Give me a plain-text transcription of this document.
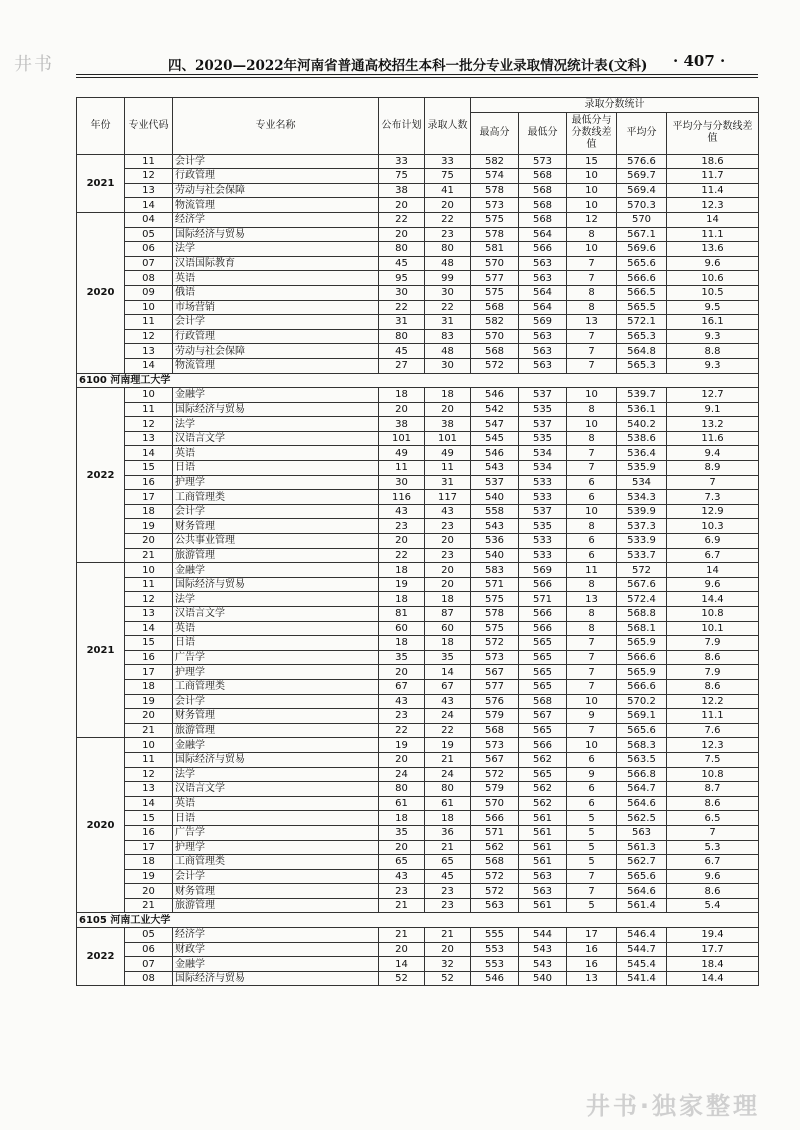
井书	四、2020—2022年河南省普通高校招生本科一批分专业录取情况统计表(文科) · 407 ·
年份	专业代码	专业名称	公布计划	录取人数	录取分数统计				
					最高分	最低分	最低分与分数线差值	平均分	平均分与分数线差值
2021	11	会计学	33	33	582	573	15	576.6	18.6
	12	行政管理	75	75	574	568	10	569.7	11.7
	13	劳动与社会保障	38	41	578	568	10	569.4	11.4
	14	物流管理	20	20	573	568	10	570.3	12.3
2020	04	经济学	22	22	575	568	12	570	14
	05	国际经济与贸易	20	23	578	564	8	567.1	11.1
	06	法学	80	80	581	566	10	569.6	13.6
	07	汉语国际教育	45	48	570	563	7	565.6	9.6
	08	英语	95	99	577	563	7	566.6	10.6
	09	俄语	30	30	575	564	8	566.5	10.5
	10	市场营销	22	22	568	564	8	565.5	9.5
	11	会计学	31	31	582	569	13	572.1	16.1
	12	行政管理	80	83	570	563	7	565.3	9.3
	13	劳动与社会保障	45	48	568	563	7	564.8	8.8
	14	物流管理	27	30	572	563	7	565.3	9.3
6100 河南理工大学									
2022	10	金融学	18	18	546	537	10	539.7	12.7
	11	国际经济与贸易	20	20	542	535	8	536.1	9.1
	12	法学	38	38	547	537	10	540.2	13.2
	13	汉语言文学	101	101	545	535	8	538.6	11.6
	14	英语	49	49	546	534	7	536.4	9.4
	15	日语	11	11	543	534	7	535.9	8.9
	16	护理学	30	31	537	533	6	534	7
	17	工商管理类	116	117	540	533	6	534.3	7.3
	18	会计学	43	43	558	537	10	539.9	12.9
	19	财务管理	23	23	543	535	8	537.3	10.3
	20	公共事业管理	20	20	536	533	6	533.9	6.9
	21	旅游管理	22	23	540	533	6	533.7	6.7
2021	10	金融学	18	20	583	569	11	572	14
	11	国际经济与贸易	19	20	571	566	8	567.6	9.6
	12	法学	18	18	575	571	13	572.4	14.4
	13	汉语言文学	81	87	578	566	8	568.8	10.8
	14	英语	60	60	575	566	8	568.1	10.1
	15	日语	18	18	572	565	7	565.9	7.9
	16	广告学	35	35	573	565	7	566.6	8.6
	17	护理学	20	14	567	565	7	565.9	7.9
	18	工商管理类	67	67	577	565	7	566.6	8.6
	19	会计学	43	43	576	568	10	570.2	12.2
	20	财务管理	23	24	579	567	9	569.1	11.1
	21	旅游管理	22	22	568	565	7	565.6	7.6
2020	10	金融学	19	19	573	566	10	568.3	12.3
	11	国际经济与贸易	20	21	567	562	6	563.5	7.5
	12	法学	24	24	572	565	9	566.8	10.8
	13	汉语言文学	80	80	579	562	6	564.7	8.7
	14	英语	61	61	570	562	6	564.6	8.6
	15	日语	18	18	566	561	5	562.5	6.5
	16	广告学	35	36	571	561	5	563	7
	17	护理学	20	21	562	561	5	561.3	5.3
	18	工商管理类	65	65	568	561	5	562.7	6.7
	19	会计学	43	45	572	563	7	565.6	9.6
	20	财务管理	23	23	572	563	7	564.6	8.6
	21	旅游管理	21	23	563	561	5	561.4	5.4
6105 河南工业大学									
2022	05	经济学	21	21	555	544	17	546.4	19.4
	06	财政学	20	20	553	543	16	544.7	17.7
	07	金融学	14	32	553	543	16	545.4	18.4
	08	国际经济与贸易	52	52	546	540	13	541.4	14.4
井书·独家整理
